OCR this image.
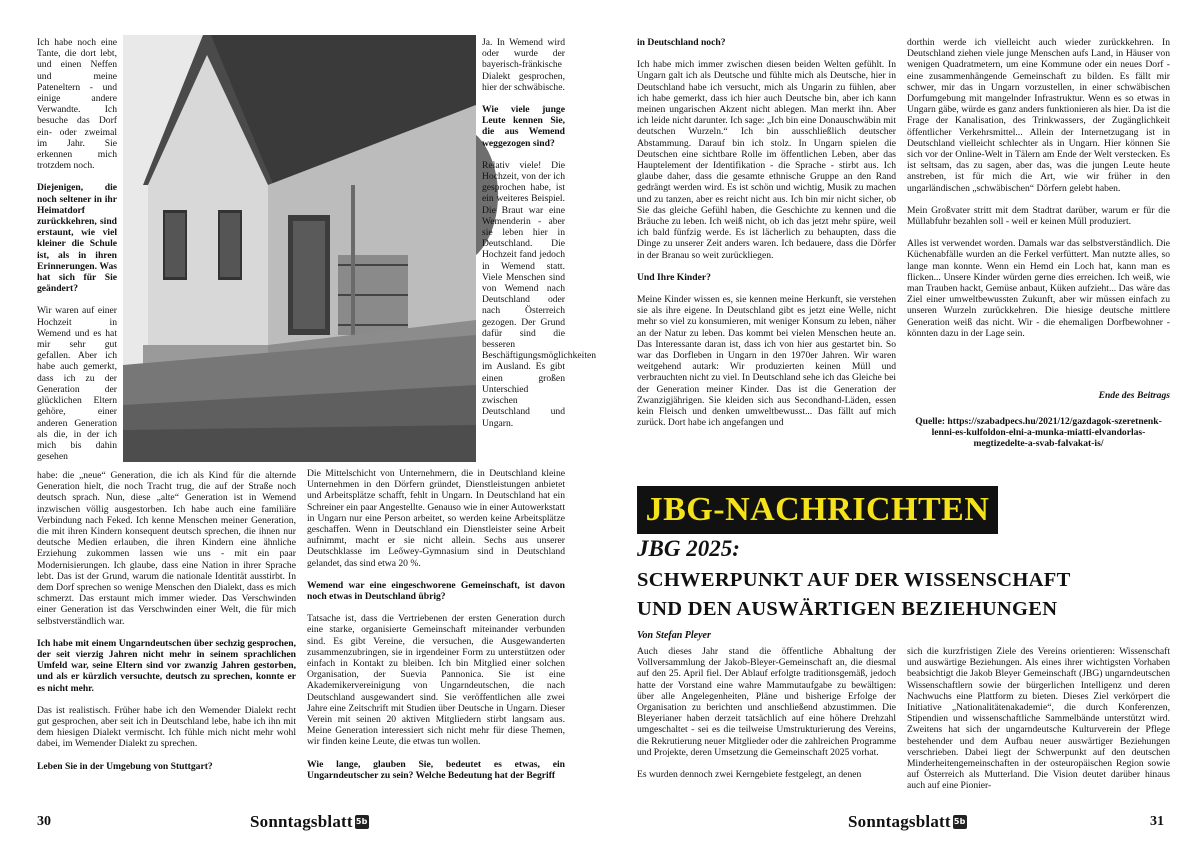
Ich habe noch eine Tante, die dort lebt, und einen Neffen und meine Pateneltern - und einige andere Verwandte. Ich besuche das Dorf ein- oder zweimal im Jahr. Sie erkennen mich trotzdem noch.

Diejenigen, die noch seltener in ihr Heimatdorf zurückkehren, sind erstaunt, wie viel kleiner die Schule ist, als in ihren Erinnerungen. Was hat sich für Sie geändert?

Wir waren auf einer Hochzeit in Wemend und es hat mir sehr gut gefallen. Aber ich habe auch gemerkt, dass ich zu der Generation der glücklichen Eltern gehöre, einer anderen Generation als die, in der ich mich bis dahin gesehen

habe: die „neue“ Generation, die ich als Kind für die alternde Generation hielt, die noch Tracht trug, die auf der Straße noch deutsch sprach. Nun, diese „alte“ Generation ist in Wemend inzwischen völlig ausgestorben. Ich habe auch eine familiäre Verbindung nach Feked. Ich kenne Menschen meiner Generation, die mit ihren Kindern konsequent deutsch sprechen, die ihnen nur deutsche Medien erlauben, die ihren Kindern eine ähnliche Erziehung zukommen lassen wie uns - mit ein paar Modernisierungen. Ich glaube, dass eine Nation in ihrer Sprache lebt. Das ist der Grund, warum die nationale Identität ausstirbt. In dem Dorf sprechen so wenige Menschen den Dialekt, dass es mich schmerzt. Das erstaunt mich immer wieder. Das Verschwinden einer Generation ist das Verschwinden einer Welt, die für mich selbstverständlich war.

Ich habe mit einem Ungarndeutschen über sechzig gesprochen, der seit vierzig Jahren nicht mehr in seinem sprachlichen Umfeld war, seine Eltern sind vor zwanzig Jahren gestorben, und als er kürzlich versuchte, deutsch zu sprechen, konnte er es nicht mehr.

Das ist realistisch. Früher habe ich den Wemender Dialekt recht gut gesprochen, aber seit ich in Deutschland lebe, habe ich ihn mit dem hiesigen Dialekt vermischt. Ich fühle mich nicht mehr wohl dabei, im Wemender Dialekt zu sprechen.

Leben Sie in der Umgebung von Stuttgart?

Ja. In Wemend wird oder wurde der bayerisch-fränkische Dialekt gesprochen, hier der schwäbische.

Wie viele junge Leute kennen Sie, die aus Wemend weggezogen sind?

Relativ viele! Die Hochzeit, von der ich gesprochen habe, ist ein weiteres Beispiel. Die Braut war eine Wemenderin - aber sie leben hier in Deutschland. Die Hochzeit fand jedoch in Wemend statt. Viele Menschen sind von Wemend nach Deutschland oder nach Österreich gezogen. Der Grund dafür sind die besseren Beschäftigungsmöglichkeiten im Ausland. Es gibt einen großen Unterschied zwischen Deutschland und Ungarn.

Die Mittelschicht von Unternehmern, die in Deutschland kleine Unternehmen in den Dörfern gründet, Dienstleistungen anbietet und Arbeitsplätze schafft, fehlt in Ungarn. In Deutschland hat ein Schreiner ein paar Angestellte. Genauso wie in einer Autowerkstatt in Ungarn nur eine Person arbeitet, so werden keine Arbeitsplätze geschaffen. Wenn in Deutschland ein Dienstleister seine Arbeit aufnimmt, macht er sie nicht allein. Sechs aus unserer Deutschklasse im Leőwey-Gymnasium sind in Deutschland gelandet, das sind etwa 20 %.

Wemend war eine eingeschworene Gemeinschaft, ist davon noch etwas in Deutschland übrig?

Tatsache ist, dass die Vertriebenen der ersten Generation durch eine starke, organisierte Gemeinschaft miteinander verbunden sind. Es gibt Vereine, die versuchen, die Ausgewanderten zusammenzubringen, sie in irgendeiner Form zu unterstützen oder einfach in Kontakt zu bleiben. Ich bin Mitglied einer solchen Organisation, der Suevia Pannonica. Sie ist eine Akademikervereinigung von Ungarndeutschen, die nach Deutschland ausgewandert sind. Sie veröffentlichen alle zwei Jahre eine Zeitschrift mit Studien über Deutsche in Ungarn. Dieser Verein mit seinen 20 aktiven Mitgliedern stirbt langsam aus. Meine Generation interessiert sich nicht mehr für diese Themen, wir finden keine Leute, die etwas tun wollen.

Wie lange, glauben Sie, bedeutet es etwas, ein Ungarndeutscher zu sein? Welche Bedeutung hat der Begriff

30	Sonntagsblatt 5b

in Deutschland noch?

Ich habe mich immer zwischen diesen beiden Welten gefühlt. In Ungarn galt ich als Deutsche und fühlte mich als Deutsche, hier in Deutschland habe ich versucht, mich als Ungarin zu fühlen, aber ich habe gemerkt, dass ich hier auch Deutsche bin, aber ich kann meinen ungarischen Akzent nicht ablegen. Man merkt ihn. Aber ich leide nicht darunter. Ich sage: „Ich bin eine Donauschwäbin mit deutschen Wurzeln.“ Ich bin ausschließlich deutscher Abstammung. Darauf bin ich stolz. In Ungarn spielen die Deutschen eine sichtbare Rolle im öffentlichen Leben, aber das Hauptelement der Identifikation - die Sprache - stirbt aus. Ich glaube daher, dass die gesamte ethnische Gruppe an den Rand gedrängt werden wird. Es ist schön und wichtig, Musik zu machen und zu tanzen, aber es reicht nicht aus. Ich bin mir nicht sicher, ob Sie das gleiche Gefühl haben, die Geschichte zu kennen und die Bräuche zu leben. Ich weiß nicht, ob ich das jetzt mehr spüre, weil ich bald fünfzig werde. Es ist lächerlich zu behaupten, dass die Dinge zu unserer Zeit anders waren. Ich bedauere, dass die Dörfer in der Branau so weit zurückliegen.

Und Ihre Kinder?

Meine Kinder wissen es, sie kennen meine Herkunft, sie verstehen sie als ihre eigene. In Deutschland gibt es jetzt eine Welle, nicht mehr so viel zu konsumieren, mit weniger Konsum zu leben, näher an der Natur zu leben. Das kommt bei vielen Menschen heute an. Das Interessante daran ist, dass ich von hier aus gestartet bin. So war das Dorfleben in Ungarn in den 1970er Jahren. Wir waren weitgehend autark: Wir produzierten keinen Müll und verbrauchten nicht zu viel. In Deutschland sehe ich das Gleiche bei der Generation meiner Kinder. Das ist die Generation der Zwanzigjährigen. Sie kleiden sich aus Secondhand-Läden, essen kein Fleisch und denken umweltbewusst... Das fällt auf mich zurück. Dort habe ich angefangen und

dorthin werde ich vielleicht auch wieder zurückkehren. In Deutschland ziehen viele junge Menschen aufs Land, in Häuser von wenigen Quadratmetern, um eine Kommune oder ein neues Dorf - eine zusammenhängende Gemeinschaft zu bilden. Es fällt mir schwer, mir das in Ungarn vorzustellen, in einer schwäbischen Dorfumgebung mit mangelnder Infrastruktur. Wenn es so etwas in Ungarn gäbe, würde es ganz anders funktionieren als hier. Da ist die Frage der Kanalisation, des Trinkwassers, der Zugänglichkeit öffentlicher Verkehrsmittel... Allein der Internetzugang ist in Deutschland vielleicht schlechter als in Ungarn. Hier können Sie sich vor der Online-Welt in Tälern am Ende der Welt verstecken. Es ist seltsam, das zu sagen, aber das, was die jungen Leute heute anstreben, ist für mich die Art, wie wir früher in den ungarländischen „schwäbischen“ Dörfern gelebt haben.

Mein Großvater stritt mit dem Stadtrat darüber, warum er für die Müllabfuhr bezahlen soll - weil er keinen Müll produziert.

Alles ist verwendet worden. Damals war das selbstverständlich. Die Küchenabfälle wurden an die Ferkel verfüttert. Man nutzte alles, so lange man konnte. Wenn ein Hemd ein Loch hat, kann man es flicken... Unsere Kinder würden gerne dies erreichen. Ich weiß, wie man Trauben hackt, Gemüse anbaut, Küken aufzieht... Das wäre das Ziel einer umweltbewussten Zukunft, aber wir müssen einfach zu unseren Wurzeln zurückkehren. Die hiesige deutsche mittlere Generation weiß das nicht. Wir - die ehemaligen Dorfbewohner - könnten dazu in der Lage sein.

Ende des Beitrags

Quelle: https://szabadpecs.hu/2021/12/gazdagok-szeretnenk-lenni-es-kulfoldon-elni-a-munka-miatti-elvandorlas-megtizedelte-a-svab-falvakat-is/

JBG-NACHRICHTEN
JBG 2025:
SCHWERPUNKT AUF DER WISSENSCHAFT
UND DEN AUSWÄRTIGEN BEZIEHUNGEN
Von Stefan Pleyer

Auch dieses Jahr stand die öffentliche Abhaltung der Vollversammlung der Jakob-Bleyer-Gemeinschaft an, die diesmal auf den 25. April fiel. Der Ablauf erfolgte traditionsgemäß, jedoch hatte der Vorstand eine wahre Mammutaufgabe zu bewältigen: über alle Angelegenheiten, Pläne und bisherige Erfolge der Organisation zu berichten und anschließend abzustimmen. Die Bleyerianer haben derzeit tatsächlich auf eine höhere Drehzahl umgeschaltet - sei es die teilweise Umstrukturierung des Vereins, die Rekrutierung neuer Mitglieder oder die zahlreichen Programme und Projekte, deren Umsetzung die Gemeinschaft 2025 vorhat.

Es wurden dennoch zwei Kerngebiete festgelegt, an denen

sich die kurzfristigen Ziele des Vereins orientieren: Wissenschaft und auswärtige Beziehungen. Als eines ihrer wichtigsten Vorhaben beabsichtigt die Jakob Bleyer Gemeinschaft (JBG) ungarndeutschen Wissenschaftlern sowie der bürgerlichen Intelligenz und deren Nachwuchs eine Plattform zu bieten. Dieses Ziel verkörpert die Initiative „Nationalitätenakademie“, die durch Konferenzen, Stipendien und wissenschaftliche Sammelbände unterstützt wird. Zweitens hat sich der ungarndeutsche Kulturverein der Pflege bestehender und dem Aufbau neuer auswärtiger Beziehungen verschrieben. Dabei liegt der Schwerpunkt auf den deutschen Minderheitengemeinschaften in der osteuropäischen Region sowie auf Österreich als Mutterland. Die Vision deutet darüber hinaus auch auf eine Pionier-

Sonntagsblatt 5b	31
